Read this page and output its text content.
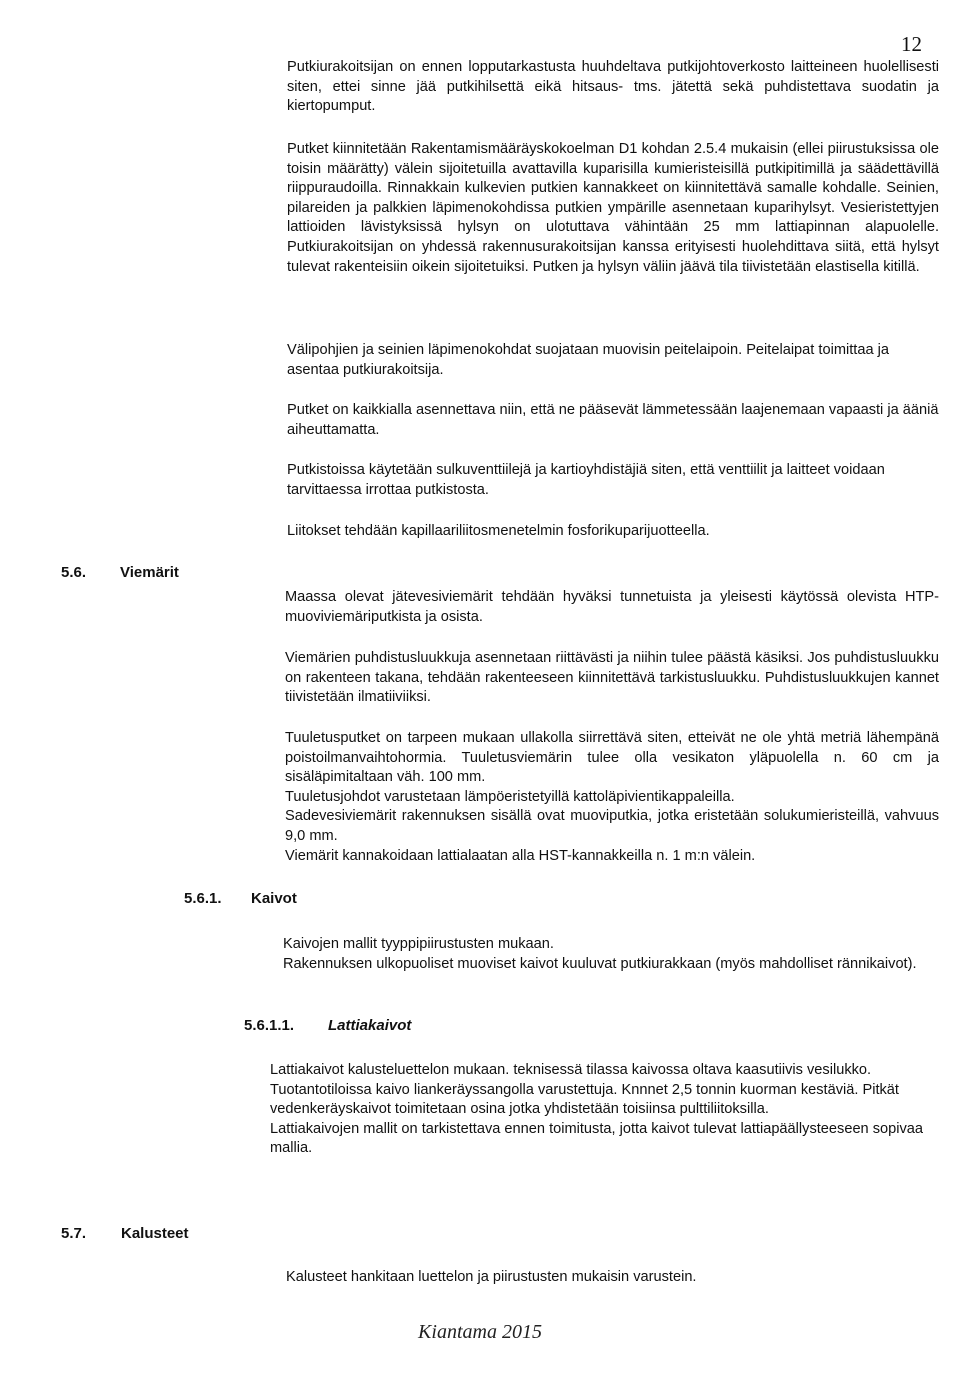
12

Putkiurakoitsijan on ennen lopputarkastusta huuhdeltava putkijohtoverkosto laitteineen huolellisesti siten, ettei sinne jää putkihilsettä eikä hitsaus- tms. jätettä sekä puhdistettava suodatin ja kiertopumput.

Putket kiinnitetään Rakentamismääräyskokoelman D1 kohdan 2.5.4 mukaisin (ellei piirustuksissa ole toisin määrätty) välein sijoitetuilla avattavilla kuparisilla kumieristeisillä putkipitimillä ja säädettävillä riippuraudoilla. Rinnakkain kulkevien putkien kannakkeet on kiinnitettävä samalle kohdalle. Seinien, pilareiden ja palkkien läpimenokohdissa putkien ympärille asennetaan kuparihylsyt. Vesieristettyjen lattioiden lävistyksissä hylsyn on ulotuttava vähintään 25 mm lattiapinnan alapuolelle. Putkiurakoitsijan on yhdessä rakennusurakoitsijan kanssa erityisesti huolehdittava siitä, että hylsyt tulevat rakenteisiin oikein sijoitetuiksi. Putken ja hylsyn väliin jäävä tila tiivistetään elastisella kitillä.

Välipohjien ja seinien läpimenokohdat suojataan muovisin peitelaipoin. Peitelaipat toimittaa ja asentaa putkiurakoitsija.

Putket on kaikkialla asennettava niin, että ne pääsevät lämmetessään laajenemaan vapaasti ja ääniä aiheuttamatta.

Putkistoissa käytetään sulkuventtiilejä ja kartioyhdistäjiä siten, että venttiilit ja laitteet voidaan tarvittaessa irrottaa putkistosta.

Liitokset tehdään kapillaariliitosmenetelmin fosforikuparijuotteella.

5.6. Viemärit

Maassa olevat jätevesiviemärit tehdään hyväksi tunnetuista ja yleisesti käytössä olevista HTP-muoviviemäriputkista ja osista.

Viemärien puhdistusluukkuja asennetaan riittävästi ja niihin tulee päästä käsiksi. Jos puhdistusluukku on rakenteen takana, tehdään rakenteeseen kiinnitettävä tarkistusluukku. Puhdistusluukkujen kannet tiivistetään ilmatiiviiksi.

Tuuletusputket on tarpeen mukaan ullakolla siirrettävä siten, etteivät ne ole yhtä metriä lähempänä poistoilmanvaihtohormia. Tuuletusviemärin tulee olla vesikaton yläpuolella n. 60 cm ja sisäläpimitaltaan väh. 100 mm.
Tuuletusjohdot varustetaan lämpöeristetyillä kattoläpivientikappaleilla.
Sadevesiviemärit rakennuksen sisällä ovat muoviputkia, jotka eristetään solukumieristeillä, vahvuus 9,0 mm.
Viemärit kannakoidaan lattialaatan alla HST-kannakkeilla n. 1 m:n välein.

5.6.1. Kaivot

Kaivojen mallit tyyppipiirustusten mukaan.
Rakennuksen ulkopuoliset muoviset kaivot kuuluvat putkiurakkaan (myös mahdolliset rännikaivot).

5.6.1.1. Lattiakaivot

Lattiakaivot kalusteluettelon mukaan. teknisessä tilassa kaivossa oltava kaasutiivis vesilukko.
Tuotantotiloissa kaivo liankeräyssangolla varustettuja. Knnnet 2,5 tonnin kuorman kestäviä. Pitkät vedenkeräyskaivot toimitetaan osina jotka yhdistetään toisiinsa pulttiliitoksilla.
Lattiakaivojen mallit on tarkistettava ennen toimitusta, jotta kaivot tulevat lattiapäällysteeseen sopivaa mallia.

5.7. Kalusteet

Kalusteet hankitaan luettelon ja piirustusten mukaisin varustein.

Kiantama 2015
